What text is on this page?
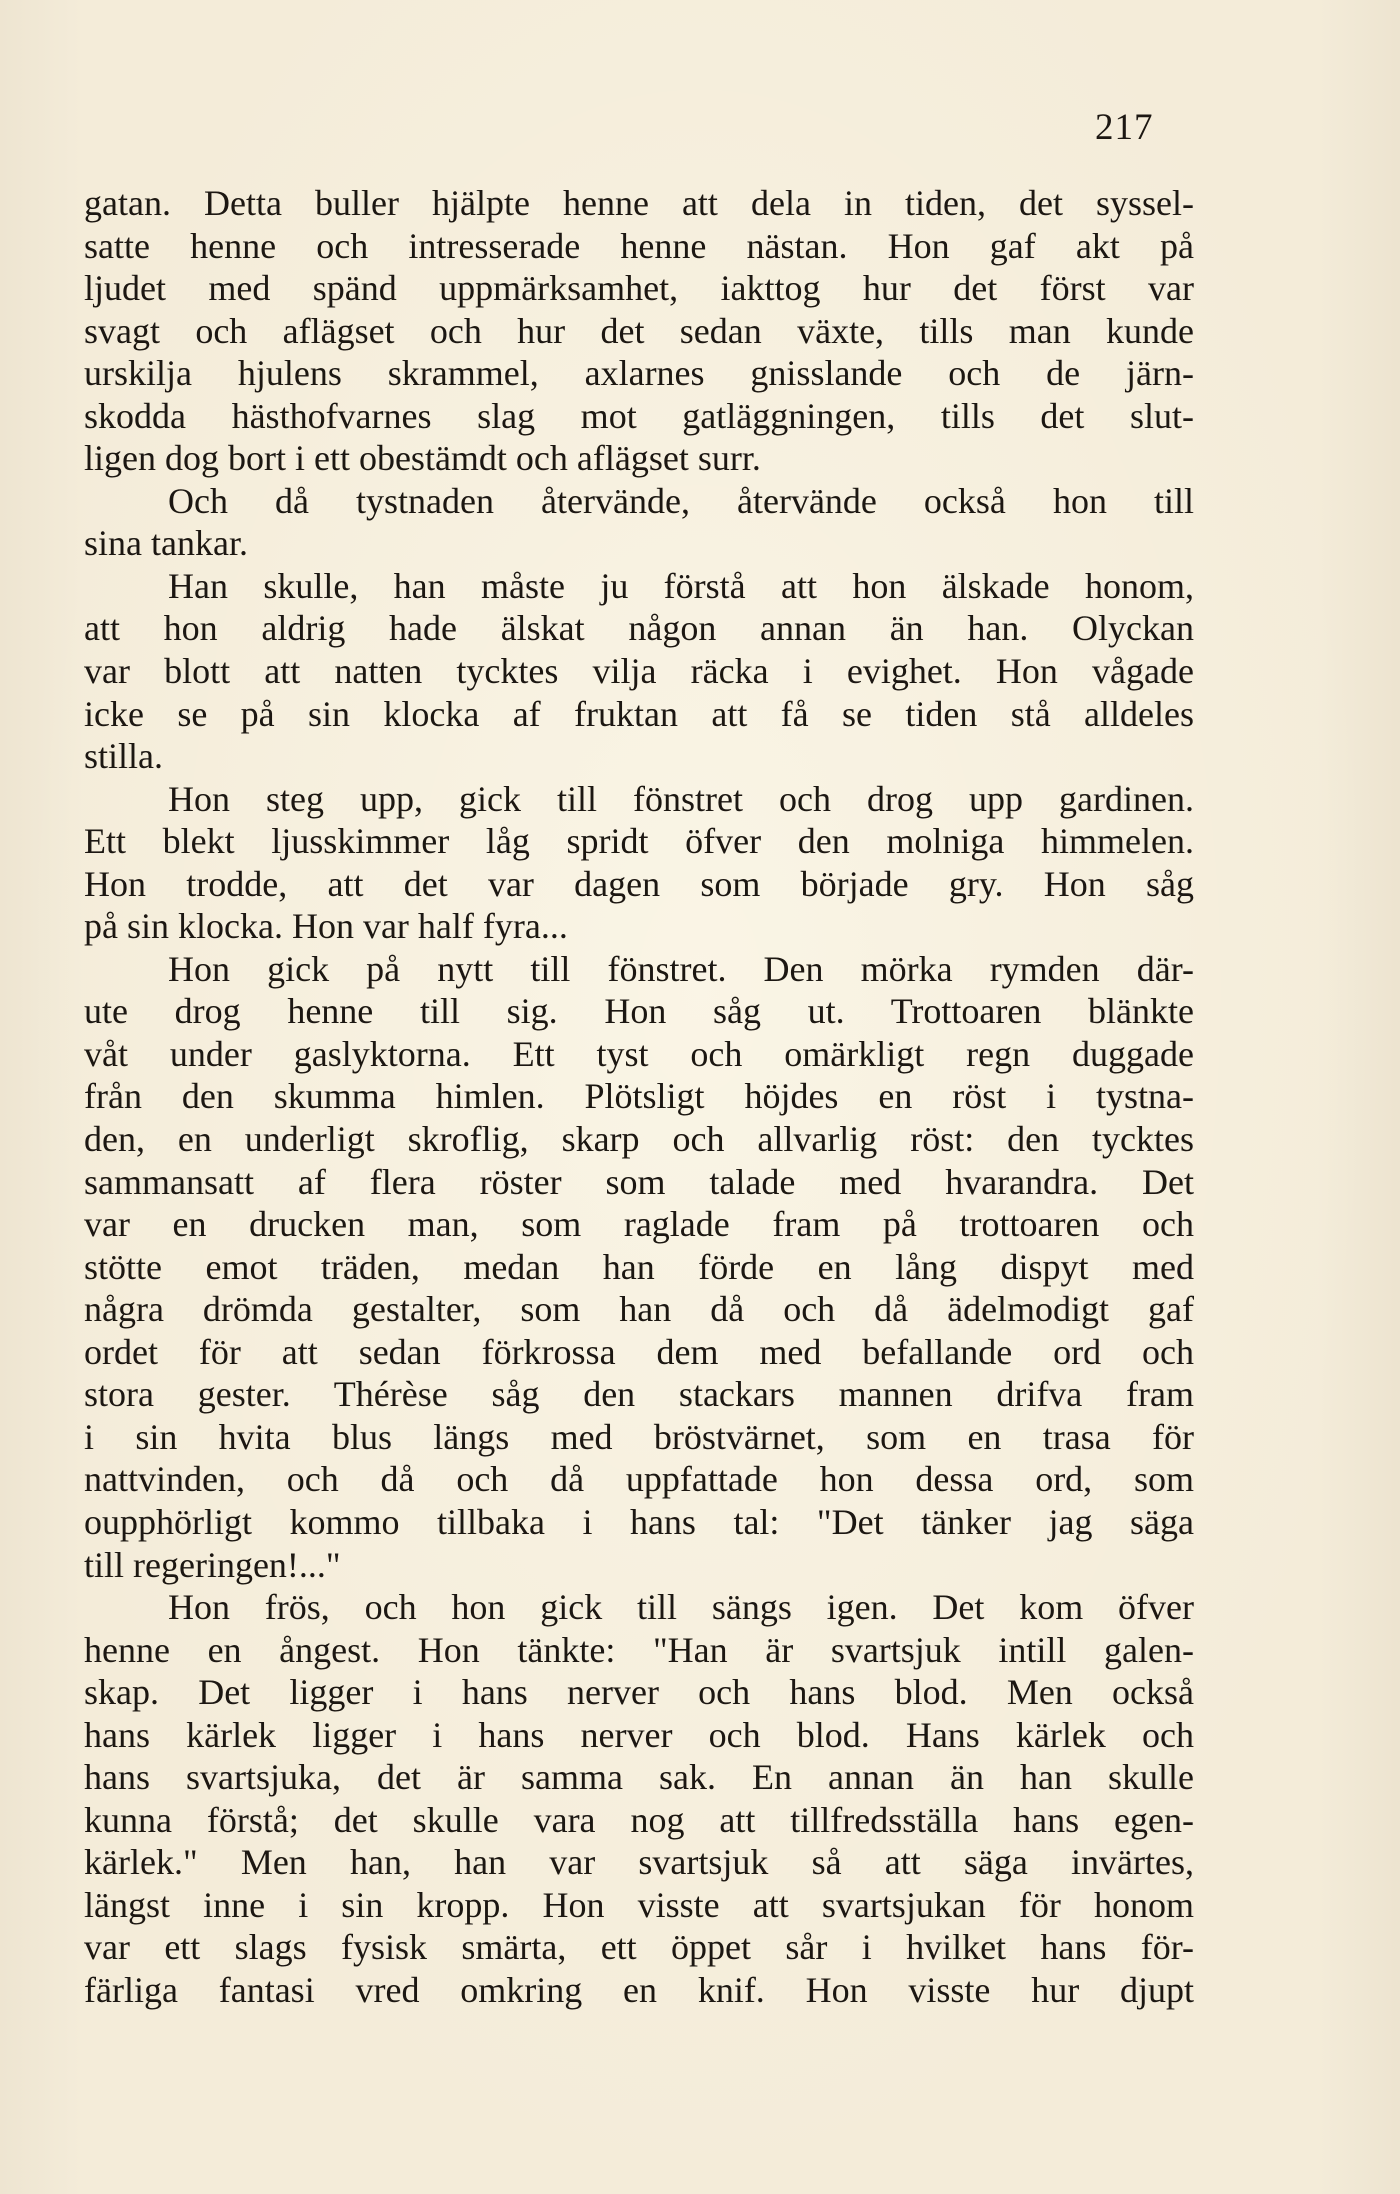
217
gatan. Detta buller hjälpte henne att dela in tiden, det syssel-
satte henne och intresserade henne nästan. Hon gaf akt på
ljudet med spänd uppmärksamhet, iakttog hur det först var
svagt och aflägset och hur det sedan växte, tills man kunde
urskilja hjulens skrammel, axlarnes gnisslande och de järn-
skodda hästhofvarnes slag mot gatläggningen, tills det slut-
ligen dog bort i ett obestämdt och aflägset surr.
Och då tystnaden återvände, återvände också hon till
sina tankar.
Han skulle, han måste ju förstå att hon älskade honom,
att hon aldrig hade älskat någon annan än han. Olyckan
var blott att natten tycktes vilja räcka i evighet. Hon vågade
icke se på sin klocka af fruktan att få se tiden stå alldeles
stilla.
Hon steg upp, gick till fönstret och drog upp gardinen.
Ett blekt ljusskimmer låg spridt öfver den molniga himmelen.
Hon trodde, att det var dagen som började gry. Hon såg
på sin klocka. Hon var half fyra...
Hon gick på nytt till fönstret. Den mörka rymden där-
ute drog henne till sig. Hon såg ut. Trottoaren blänkte
våt under gaslyktorna. Ett tyst och omärkligt regn duggade
från den skumma himlen. Plötsligt höjdes en röst i tystna-
den, en underligt skroflig, skarp och allvarlig röst: den tycktes
sammansatt af flera röster som talade med hvarandra. Det
var en drucken man, som raglade fram på trottoaren och
stötte emot träden, medan han förde en lång dispyt med
några drömda gestalter, som han då och då ädelmodigt gaf
ordet för att sedan förkrossa dem med befallande ord och
stora gester. Thérèse såg den stackars mannen drifva fram
i sin hvita blus längs med bröstvärnet, som en trasa för
nattvinden, och då och då uppfattade hon dessa ord, som
oupphörligt kommo tillbaka i hans tal: "Det tänker jag säga
till regeringen!..."
Hon frös, och hon gick till sängs igen. Det kom öfver
henne en ångest. Hon tänkte: "Han är svartsjuk intill galen-
skap. Det ligger i hans nerver och hans blod. Men också
hans kärlek ligger i hans nerver och blod. Hans kärlek och
hans svartsjuka, det är samma sak. En annan än han skulle
kunna förstå; det skulle vara nog att tillfredsställa hans egen-
kärlek." Men han, han var svartsjuk så att säga invärtes,
längst inne i sin kropp. Hon visste att svartsjukan för honom
var ett slags fysisk smärta, ett öppet sår i hvilket hans för-
färliga fantasi vred omkring en knif. Hon visste hur djupt
